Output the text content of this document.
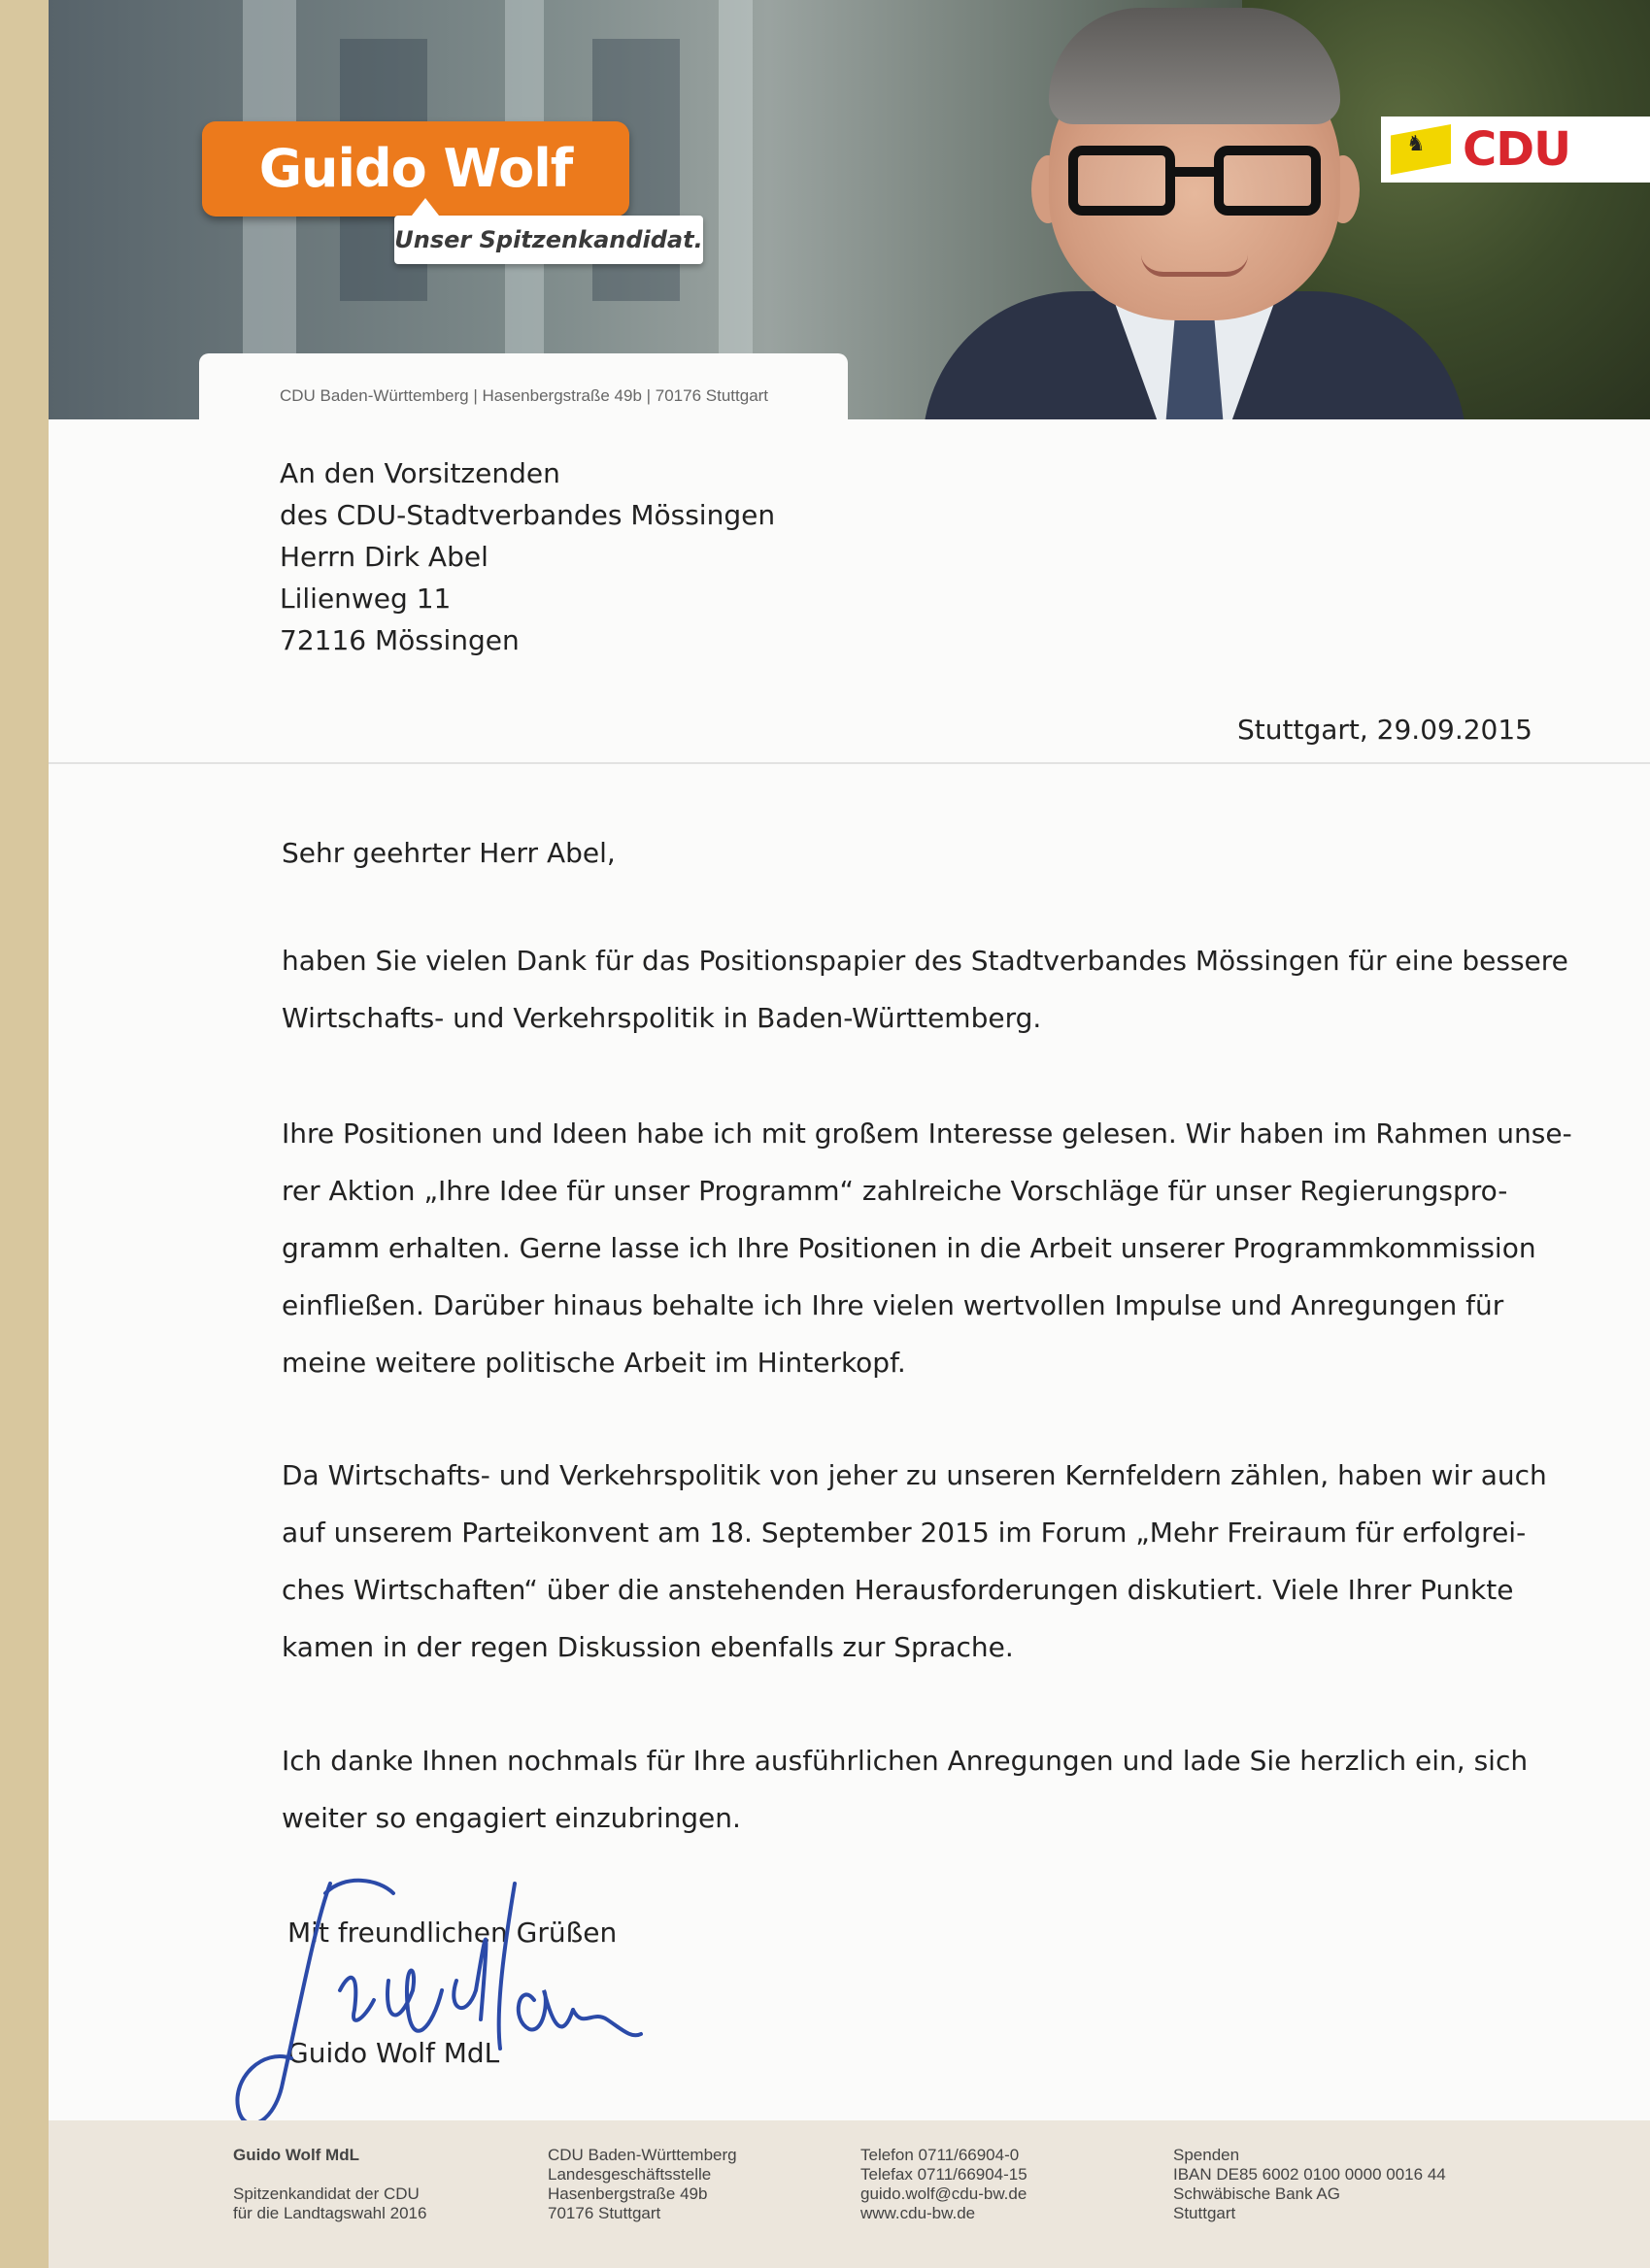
Guido Wolf
Unser Spitzenkandidat.
♞ CDU
CDU Baden-Württemberg | Hasenbergstraße 49b | 70176 Stuttgart
An den Vorsitzenden
des CDU-Stadtverbandes Mössingen
Herrn Dirk Abel
Lilienweg 11
72116 Mössingen
Stuttgart, 29.09.2015
Sehr geehrter Herr Abel,
haben Sie vielen Dank für das Positionspapier des Stadtverbandes Mössingen für eine bessere
Wirtschafts- und Verkehrspolitik in Baden-Württemberg.
Ihre Positionen und Ideen habe ich mit großem Interesse gelesen. Wir haben im Rahmen unse-
rer Aktion „Ihre Idee für unser Programm“ zahlreiche Vorschläge für unser Regierungspro-
gramm erhalten. Gerne lasse ich Ihre Positionen in die Arbeit unserer Programmkommission
einfließen. Darüber hinaus behalte ich Ihre vielen wertvollen Impulse und Anregungen für
meine weitere politische Arbeit im Hinterkopf.
Da Wirtschafts- und Verkehrspolitik von jeher zu unseren Kernfeldern zählen, haben wir auch
auf unserem Parteikonvent am 18. September 2015 im Forum „Mehr Freiraum für erfolgrei-
ches Wirtschaften“ über die anstehenden Herausforderungen diskutiert. Viele Ihrer Punkte
kamen in der regen Diskussion ebenfalls zur Sprache.
Ich danke Ihnen nochmals für Ihre ausführlichen Anregungen und lade Sie herzlich ein, sich
weiter so engagiert einzubringen.
Mit freundlichen Grüßen
Guido Wolf MdL
Guido Wolf MdL
Spitzenkandidat der CDU
für die Landtagswahl 2016
CDU Baden-Württemberg
Landesgeschäftsstelle
Hasenbergstraße 49b
70176 Stuttgart
Telefon 0711/66904-0
Telefax 0711/66904-15
guido.wolf@cdu-bw.de
www.cdu-bw.de
Spenden
IBAN DE85 6002 0100 0000 0016 44
Schwäbische Bank AG
Stuttgart
